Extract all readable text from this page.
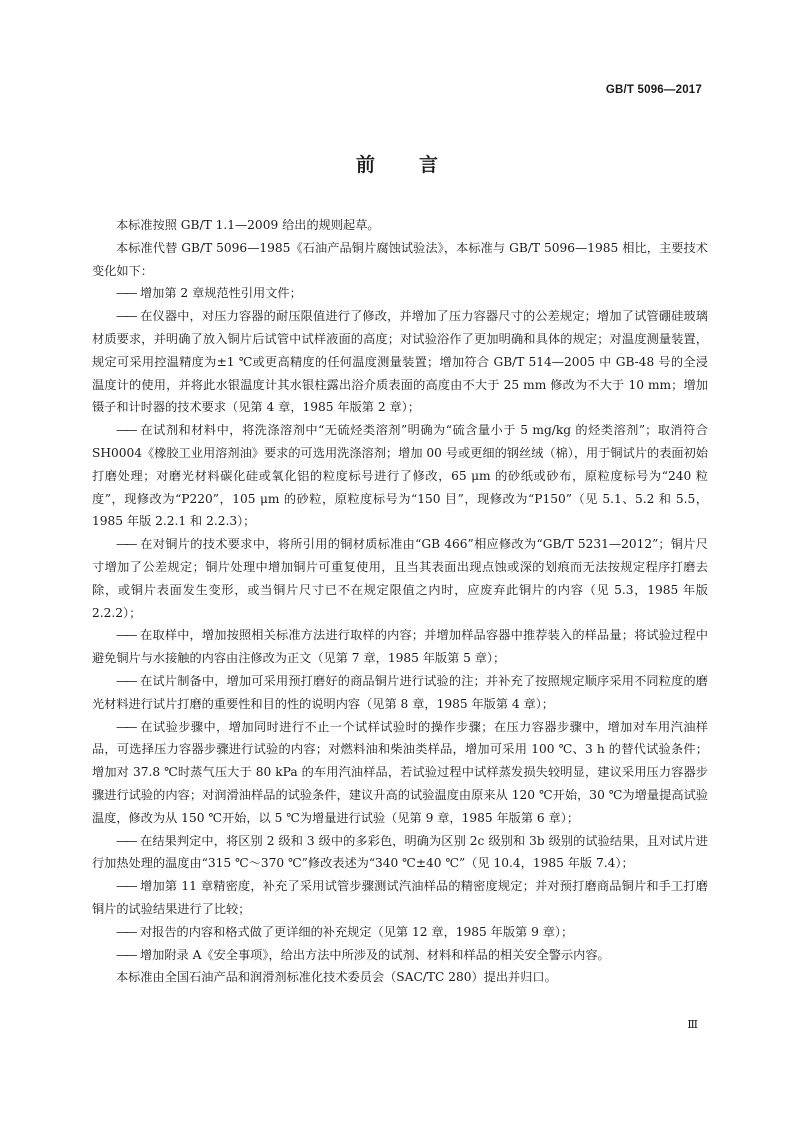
GB/T 5096—2017
前 言

本标准按照 GB/T 1.1—2009 给出的规则起草。

本标准代替 GB/T 5096—1985《石油产品铜片腐蚀试验法》，本标准与 GB/T 5096—1985 相比，主要技术变化如下：

—— 增加第 2 章规范性引用文件；

—— 在仪器中，对压力容器的耐压限值进行了修改，并增加了压力容器尺寸的公差规定；增加了试管硼硅玻璃材质要求，并明确了放入铜片后试管中试样液面的高度；对试验浴作了更加明确和具体的规定；对温度测量装置，规定可采用控温精度为±1 ℃或更高精度的任何温度测量装置；增加符合 GB/T 514—2005 中 GB-48 号的全浸温度计的使用，并将此水银温度计其水银柱露出浴介质表面的高度由不大于 25 mm 修改为不大于 10 mm；增加镊子和计时器的技术要求（见第 4 章，1985 年版第 2 章）；

—— 在试剂和材料中，将洗涤溶剂中“无硫烃类溶剂”明确为“硫含量小于 5 mg/kg 的烃类溶剂”；取消符合 SH0004《橡胶工业用溶剂油》要求的可选用洗涤溶剂；增加 00 号或更细的钢丝绒（棉），用于铜试片的表面初始打磨处理；对磨光材料碳化硅或氧化铝的粒度标号进行了修改，65 μm 的砂纸或砂布，原粒度标号为“240 粒度”，现修改为“P220”，105 μm 的砂粒，原粒度标号为“150 目”，现修改为“P150”（见 5.1、5.2 和 5.5，1985 年版 2.2.1 和 2.2.3）；

—— 在对铜片的技术要求中，将所引用的铜材质标准由“GB 466”相应修改为“GB/T 5231—2012”；铜片尺寸增加了公差规定；铜片处理中增加铜片可重复使用，且当其表面出现点蚀或深的划痕而无法按规定程序打磨去除，或铜片表面发生变形，或当铜片尺寸已不在规定限值之内时，应废弃此铜片的内容（见 5.3，1985 年版 2.2.2）；

—— 在取样中，增加按照相关标准方法进行取样的内容；并增加样品容器中推荐装入的样品量；将试验过程中避免铜片与水接触的内容由注修改为正文（见第 7 章，1985 年版第 5 章）；

—— 在试片制备中，增加可采用预打磨好的商品铜片进行试验的注；并补充了按照规定顺序采用不同粒度的磨光材料进行试片打磨的重要性和目的性的说明内容（见第 8 章，1985 年版第 4 章）；

—— 在试验步骤中，增加同时进行不止一个试样试验时的操作步骤；在压力容器步骤中，增加对车用汽油样品，可选择压力容器步骤进行试验的内容；对燃料油和柴油类样品，增加可采用 100 ℃、3 h 的替代试验条件；增加对 37.8 ℃时蒸气压大于 80 kPa 的车用汽油样品，若试验过程中试样蒸发损失较明显，建议采用压力容器步骤进行试验的内容；对润滑油样品的试验条件，建议升高的试验温度由原来从 120 ℃开始，30 ℃为增量提高试验温度，修改为从 150 ℃开始，以 5 ℃为增量进行试验（见第 9 章，1985 年版第 6 章）；

—— 在结果判定中，将区别 2 级和 3 级中的多彩色，明确为区别 2c 级别和 3b 级别的试验结果，且对试片进行加热处理的温度由“315 ℃～370 ℃”修改表述为“340 ℃±40 ℃”（见 10.4，1985 年版 7.4）；

—— 增加第 11 章精密度，补充了采用试管步骤测试汽油样品的精密度规定；并对预打磨商品铜片和手工打磨铜片的试验结果进行了比较；

—— 对报告的内容和格式做了更详细的补充规定（见第 12 章，1985 年版第 9 章）；

—— 增加附录 A《安全事项》，给出方法中所涉及的试剂、材料和样品的相关安全警示内容。

本标准由全国石油产品和润滑剂标准化技术委员会（SAC/TC 280）提出并归口。

Ⅲ
